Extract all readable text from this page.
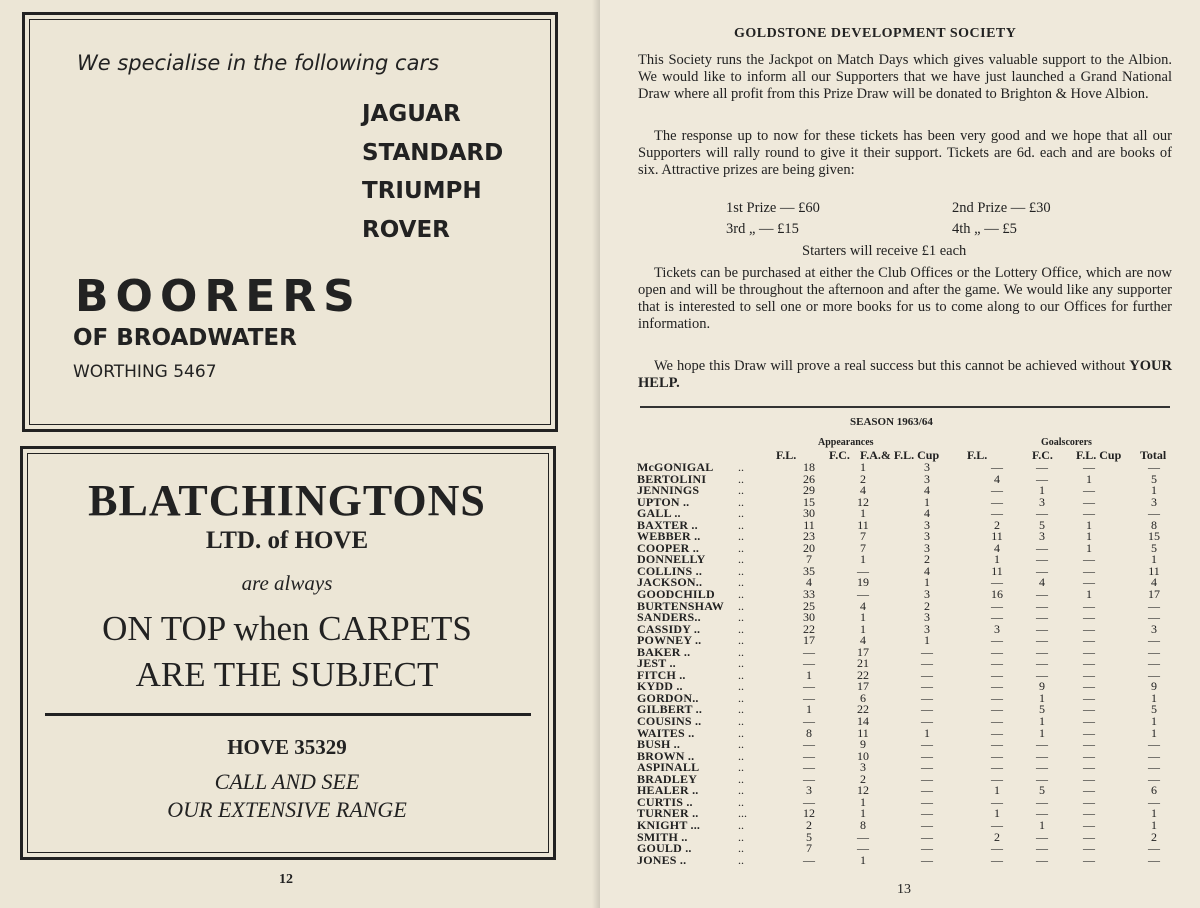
We specialise in the following cars
JAGUAR
STANDARD
TRIUMPH
ROVER
BOORERS
OF BROADWATER
WORTHING 5467
BLATCHINGTONS
LTD. of HOVE
are always
ON TOP when CARPETS
ARE THE SUBJECT
HOVE 35329
CALL AND SEE
OUR EXTENSIVE RANGE
12
GOLDSTONE DEVELOPMENT SOCIETY
This Society runs the Jackpot on Match Days which gives valuable support to the Albion. We would like to inform all our Supporters that we have just launched a Grand National Draw where all profit from this Prize Draw will be donated to Brighton & Hove Albion.
The response up to now for these tickets has been very good and we hope that all our Supporters will rally round to give it their support. Tickets are 6d. each and are books of six. Attractive prizes are being given:
1st Prize — £60	2nd Prize — £30
3rd „ — £15	4th „ — £5
Starters will receive £1 each
Tickets can be purchased at either the Club Offices or the Lottery Office, which are now open and will be throughout the afternoon and after the game. We would like any supporter that is interested to sell one or more books for us to come along to our Offices for further information.
We hope this Draw will prove a real success but this cannot be achieved without YOUR HELP.
SEASON 1963/64
Appearances	Goalscorers
F.L.	F.C. F.A.& F.L. Cup F.L.	F.C. F.L. Cup Total
McGONIGAL ..	18	1	3	—	—	—	—
BERTOLINI	..	26	2	3	4	—	1	5
JENNINGS	..	29	4	4	—	1	—	1
UPTON ..	..	15	12	1	—	3	—	3
GALL ..	..	30	1	4	—	—	—	—
BAXTER ..	..	11	11	3	2	5	1	8
WEBBER ..	..	23	7	3	11	3	1	15
COOPER ..	..	20	7	3	4	—	1	5
DONNELLY	..	7	1	2	1	—	—	1
COLLINS ..	..	35	—	4	11	—	—	11
JACKSON..	..	4	19	1	—	4	—	4
GOODCHILD ..	33	—	3	16	—	1	17
BURTENSHAW ..	25	4	2	—	—	—	—
SANDERS..	..	30	1	3	—	—	—	—
CASSIDY ..	..	22	1	3	3	—	—	3
POWNEY ..	..	17	4	1	—	—	—	—
BAKER ..	..	—	17	—	—	—	—	—
JEST ..	..	—	21	—	—	—	—	—
FITCH ..	..	1	22	—	—	—	—	—
KYDD ..	..	—	17	—	—	9	—	9
GORDON..	..	—	6	—	—	1	—	1
GILBERT ..	..	1	22	—	—	5	—	5
COUSINS ..	..	—	14	—	—	1	—	1
WAITES ..	..	8	11	1	—	1	—	1
BUSH ..	..	—	9	—	—	—	—	—
BROWN ..	..	—	10	—	—	—	—	—
ASPINALL	..	—	3	—	—	—	—	—
BRADLEY	..	—	2	—	—	—	—	—
HEALER ..	..	3	12	—	1	5	—	6
CURTIS ..	..	—	1	—	—	—	—	—
TURNER ..	...	12	1	—	1	—	—	1
KNIGHT ...	..	2	8	—	—	1	—	1
SMITH ..	..	5	—	—	2	—	—	2
GOULD ..	..	7	—	—	—	—	—	—
JONES ..	..	—	1	—	—	—	—	—
13
